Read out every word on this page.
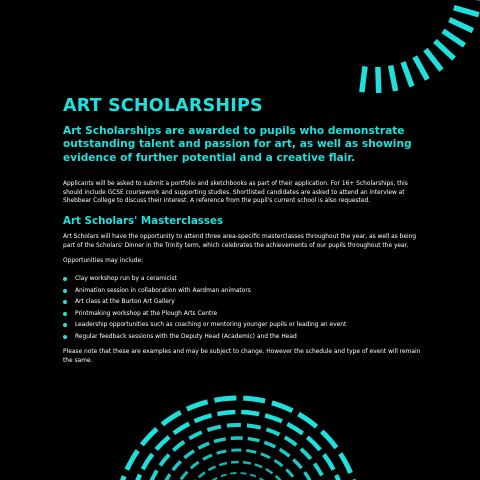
ART SCHOLARSHIPS

Art Scholarships are awarded to pupils who demonstrate outstanding talent and passion for art, as well as showing evidence of further potential and a creative flair.

Applicants will be asked to submit a portfolio and sketchbooks as part of their application. For 16+ Scholarships, this should include GCSE coursework and supporting studies. Shortlisted candidates are asked to attend an interview at Shebbear College to discuss their interest. A reference from the pupil's current school is also requested.

Art Scholars' Masterclasses

Art Scholars will have the opportunity to attend three area-specific masterclasses throughout the year, as well as being part of the Scholars' Dinner in the Trinity term, which celebrates the achievements of our pupils throughout the year.

Opportunities may include:

Clay workshop run by a ceramicist
Animation session in collaboration with Aardman animators
Art class at the Burton Art Gallery
Printmaking workshop at the Plough Arts Centre
Leadership opportunities such as coaching or mentoring younger pupils or leading an event
Regular feedback sessions with the Deputy Head (Academic) and the Head

Please note that these are examples and may be subject to change. However the schedule and type of event will remain the same.
